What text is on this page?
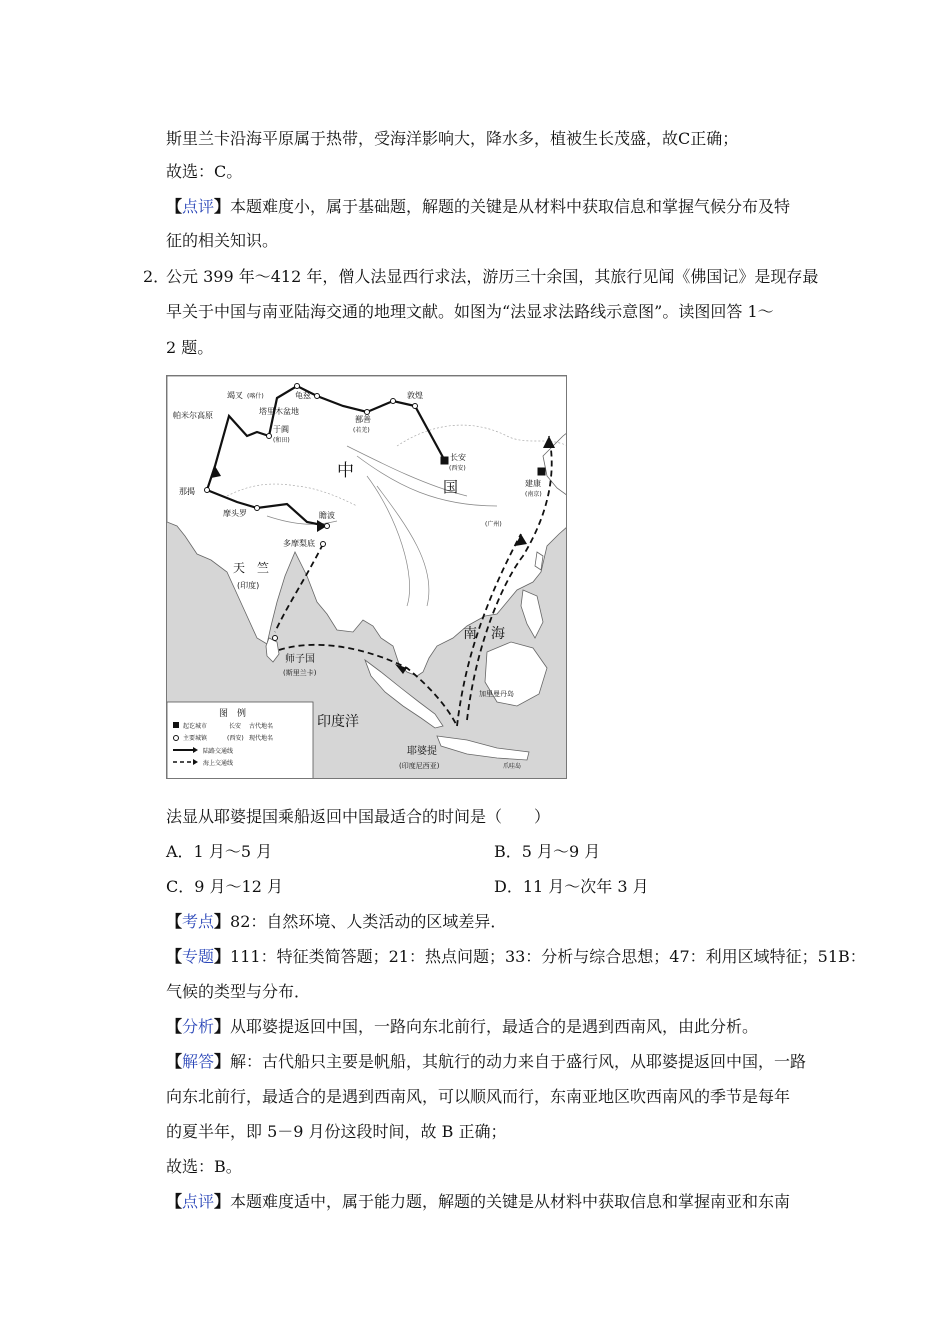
斯里兰卡沿海平原属于热带，受海洋影响大，降水多，植被生长茂盛，故C正确；
故选：C。
【点评】本题难度小，属于基础题，解题的关键是从材料中获取信息和掌握气候分布及特
征的相关知识。
2．
公元 399 年～412 年，僧人法显西行求法，游历三十余国，其旅行见闻《佛国记》是现存最
早关于中国与南亚陆海交通的地理文献。如图为“法显求法路线示意图”。读图回答 1～
2 题。
敦煌
鄯善
(若羌)
长安
(西安)
建康
(南京)
(广州)
龟兹
竭叉 (喀什)
塔里木盆地
于阗
(和田)
帕米尔高原
那揭
摩头罗	瞻波
多摩梨底
中
国
天　竺
(印度)
师子国
(斯里兰卡)
南　海
加里曼丹岛
印度洋
耶婆提
(印度尼西亚)	爪哇岛
图　例
起讫城市	长安 古代地名
主要城镇	(西安) 现代地名
陆路交通线
海上交通线
法显从耶婆提国乘船返回中国最适合的时间是（　　）
A．1 月～5 月	B．5 月～9 月
C．9 月～12 月	D．11 月～次年 3 月
【考点】82：自然环境、人类活动的区域差异．
【专题】111：特征类简答题；21：热点问题；33：分析与综合思想；47：利用区域特征；51B：
气候的类型与分布．
【分析】从耶婆提返回中国，一路向东北前行，最适合的是遇到西南风，由此分析。
【解答】解：古代船只主要是帆船，其航行的动力来自于盛行风，从耶婆提返回中国，一路
向东北前行，最适合的是遇到西南风，可以顺风而行，东南亚地区吹西南风的季节是每年
的夏半年，即 5－9 月份这段时间，故 B 正确；
故选：B。
【点评】本题难度适中，属于能力题，解题的关键是从材料中获取信息和掌握南亚和东南
